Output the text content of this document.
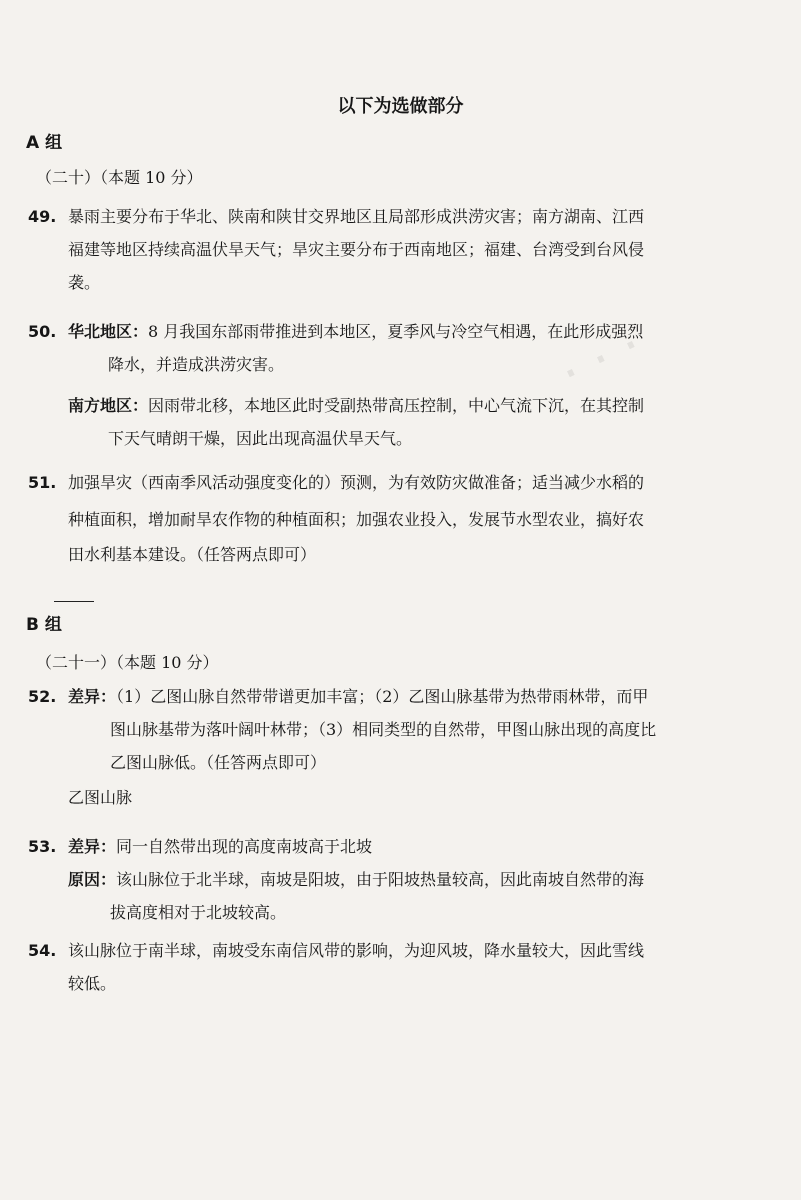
· · ·
以下为选做部分
A 组
（二十）（本题 10 分）
49. 暴雨主要分布于华北、陕南和陕甘交界地区且局部形成洪涝灾害；南方湖南、江西
福建等地区持续高温伏旱天气；旱灾主要分布于西南地区；福建、台湾受到台风侵
袭。
50. 华北地区：8 月我国东部雨带推进到本地区，夏季风与冷空气相遇，在此形成强烈
降水，并造成洪涝灾害。
南方地区：因雨带北移，本地区此时受副热带高压控制，中心气流下沉，在其控制
下天气晴朗干燥，因此出现高温伏旱天气。
51. 加强旱灾（西南季风活动强度变化的）预测，为有效防灾做准备；适当减少水稻的
种植面积，增加耐旱农作物的种植面积；加强农业投入，发展节水型农业，搞好农
田水利基本建设。（任答两点即可）
B 组
（二十一）（本题 10 分）
52. 差异：（1）乙图山脉自然带带谱更加丰富；（2）乙图山脉基带为热带雨林带，而甲
图山脉基带为落叶阔叶林带；（3）相同类型的自然带，甲图山脉出现的高度比
乙图山脉低。（任答两点即可）
乙图山脉
53. 差异：同一自然带出现的高度南坡高于北坡
原因：该山脉位于北半球，南坡是阳坡，由于阳坡热量较高，因此南坡自然带的海
拔高度相对于北坡较高。
54. 该山脉位于南半球，南坡受东南信风带的影响，为迎风坡，降水量较大，因此雪线
较低。
